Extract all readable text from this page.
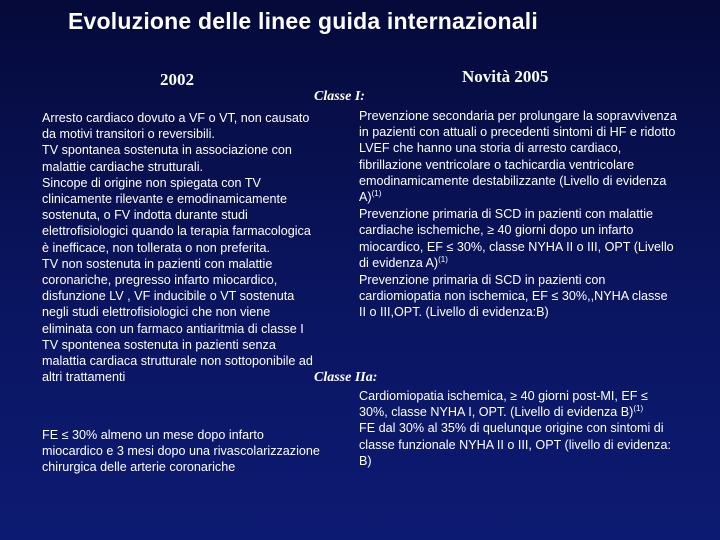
Evoluzione delle linee guida internazionali
2002	Novità 2005
Classe I:
Classe IIa:
Arresto cardiaco dovuto a VF o VT, non causato
da motivi transitori o reversibili.
TV spontanea sostenuta in associazione con
malattie cardiache strutturali.
Sincope di origine non spiegata con TV
clinicamente rilevante e emodinamicamente
sostenuta, o FV indotta durante studi
elettrofisiologici quando la terapia farmacologica
è inefficace, non tollerata o non preferita.
TV non sostenuta in pazienti con malattie
coronariche, pregresso infarto miocardico,
disfunzione LV , VF inducibile o VT sostenuta
negli studi elettrofisiologici che non viene
eliminata con un farmaco antiaritmia di classe I
TV spontenea sostenuta in pazienti senza
malattia cardiaca strutturale non sottoponibile ad
altri trattamenti
FE ≤ 30% almeno un mese dopo infarto
miocardico e 3 mesi dopo una rivascolarizzazione
chirurgica delle arterie coronariche

Prevenzione secondaria per prolungare la sopravvivenza
in pazienti con attuali o precedenti sintomi di HF e ridotto
LVEF che hanno una storia di arresto cardiaco,
fibrillazione ventricolare o tachicardia ventricolare
emodinamicamente destabilizzante (Livello di evidenza
A)$^{(1)}$

Prevenzione primaria di SCD in pazienti con malattie
cardiache ischemiche, ≥ 40 giorni dopo un infarto
miocardico, EF ≤ 30%, classe NYHA II o III, OPT (Livello
di evidenza A)$^{(1)}$

Prevenzione primaria di SCD in pazienti con
cardiomiopatia non ischemica, EF ≤ 30%,,NYHA classe
II o III,OPT. (Livello di evidenza:B)

Cardiomiopatia ischemica, ≥ 40 giorni post-MI, EF ≤
30%, classe NYHA I, OPT. (Livello di evidenza B)$^{(1)}$

FE dal 30% al 35% di quelunque origine con sintomi di
classe funzionale NYHA II o III, OPT (livello di evidenza:
B)
